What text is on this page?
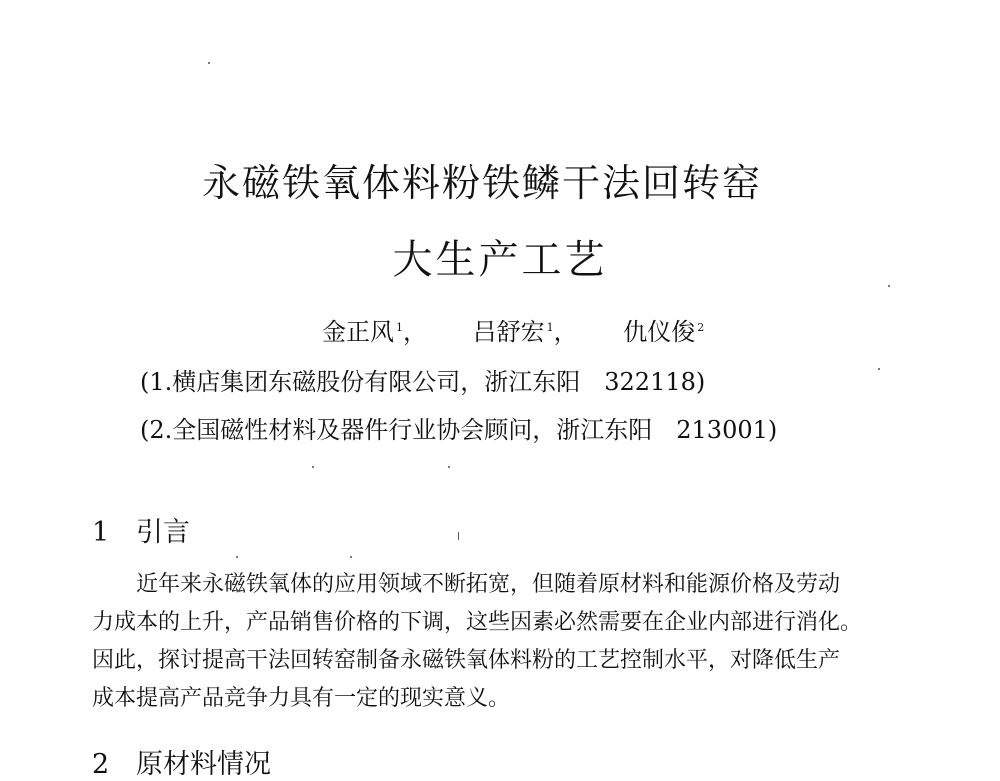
永磁铁氧体料粉铁鳞干法回转窑
大生产工艺
金正风 $^1$， 吕舒宏 $^1$， 仇仪俊 $^2$
(1.横店集团东磁股份有限公司，浙江东阳 322118)
(2.全国磁性材料及器件行业协会顾问，浙江东阳 213001)
1 引言
近年来永磁铁氧体的应用领域不断拓宽，但随着原材料和能源价格及劳动
力成本的上升，产品销售价格的下调，这些因素必然需要在企业内部进行消化。
因此，探讨提高干法回转窑制备永磁铁氧体料粉的工艺控制水平，对降低生产
成本提高产品竞争力具有一定的现实意义。
2 原材料情况
